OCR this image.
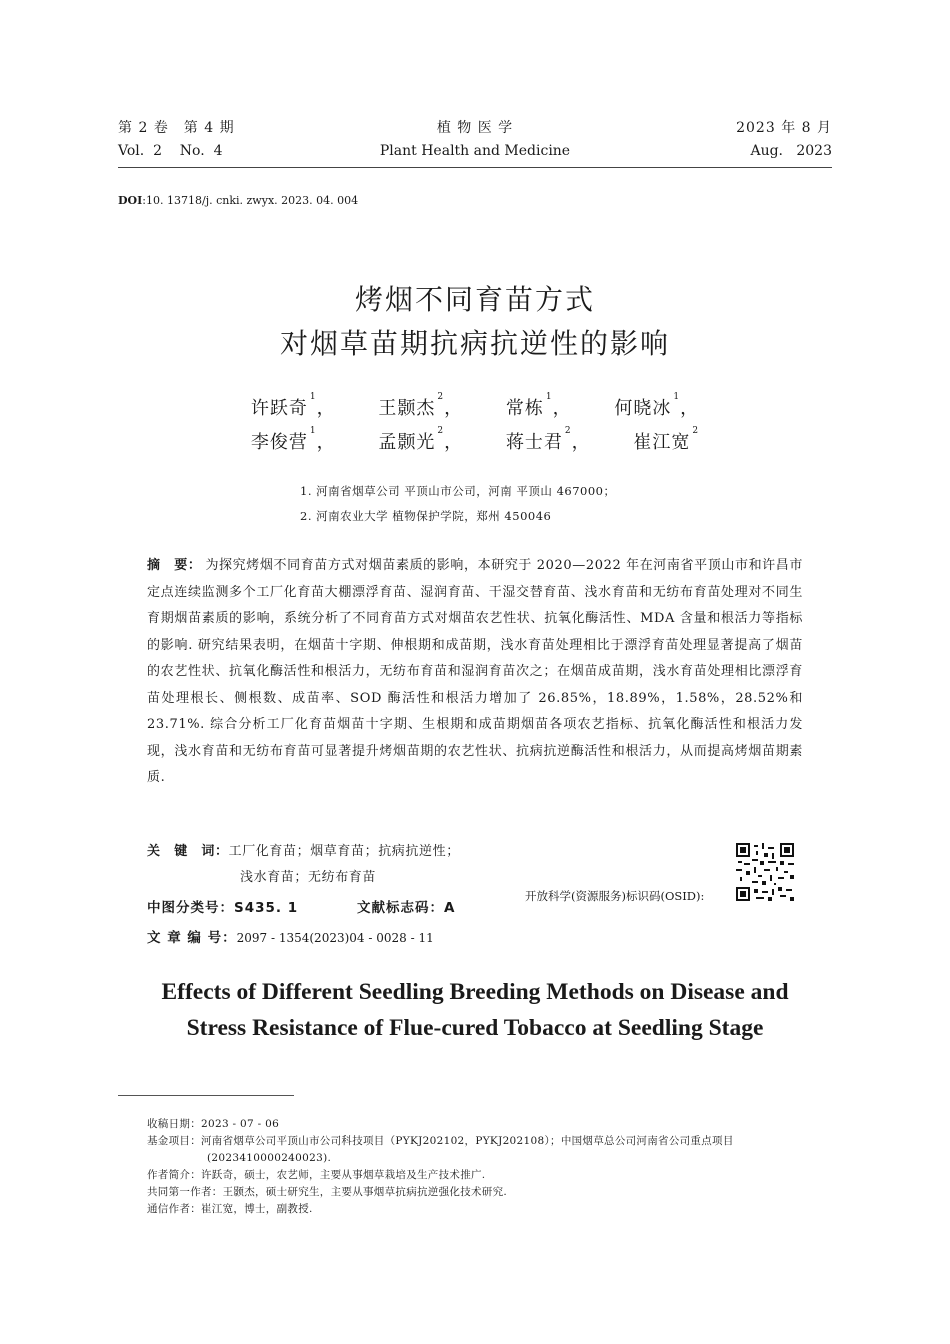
第 2 卷　第 4 期	植 物 医 学	2023 年 8 月
Vol.  2    No.  4	Plant Health and Medicine	Aug.   2023
DOI:10. 13718/j. cnki. zwyx. 2023. 04. 004
烤烟不同育苗方式
对烟草苗期抗病抗逆性的影响
许跃奇$^1$， 王颢杰$^2$， 常栋$^1$， 何晓冰$^1$，
李俊营$^1$， 孟颢光$^2$， 蒋士君$^2$， 崔江宽$^2$
1. 河南省烟草公司 平顶山市公司，河南 平顶山 467000；
2. 河南农业大学 植物保护学院，郑州 450046
摘　要： 为探究烤烟不同育苗方式对烟苗素质的影响，本研究于 2020—2022 年在河南省平顶山市和许昌市定点连续监测多个工厂化育苗大棚漂浮育苗、湿润育苗、干湿交替育苗、浅水育苗和无纺布育苗处理对不同生育期烟苗素质的影响，系统分析了不同育苗方式对烟苗农艺性状、抗氧化酶活性、MDA 含量和根活力等指标的影响. 研究结果表明，在烟苗十字期、伸根期和成苗期，浅水育苗处理相比于漂浮育苗处理显著提高了烟苗的农艺性状、抗氧化酶活性和根活力，无纺布育苗和湿润育苗次之；在烟苗成苗期，浅水育苗处理相比漂浮育苗处理根长、侧根数、成苗率、SOD 酶活性和根活力增加了 26.85%，18.89%，1.58%，28.52%和 23.71%. 综合分析工厂化育苗烟苗十字期、生根期和成苗期烟苗各项农艺指标、抗氧化酶活性和根活力发现，浅水育苗和无纺布育苗可显著提升烤烟苗期的农艺性状、抗病抗逆酶活性和根活力，从而提高烤烟苗期素质.
关　键　词：工厂化育苗；烟草育苗；抗病抗逆性；
浅水育苗；无纺布育苗
中图分类号：S435. 1	文献标志码：A
文 章 编 号：2097 - 1354(2023)04 - 0028 - 11
开放科学(资源服务)标识码(OSID):
Effects of Different Seedling Breeding Methods on Disease and
Stress Resistance of Flue-cured Tobacco at Seedling Stage
收稿日期：2023 - 07 - 06
基金项目：河南省烟草公司平顶山市公司科技项目（PYKJ202102，PYKJ202108）；中国烟草总公司河南省公司重点项目
(2023410000240023).
作者简介：许跃奇，硕士，农艺师，主要从事烟草栽培及生产技术推广.
共同第一作者：王颢杰，硕士研究生，主要从事烟草抗病抗逆强化技术研究.
通信作者：崔江宽，博士，副教授.
